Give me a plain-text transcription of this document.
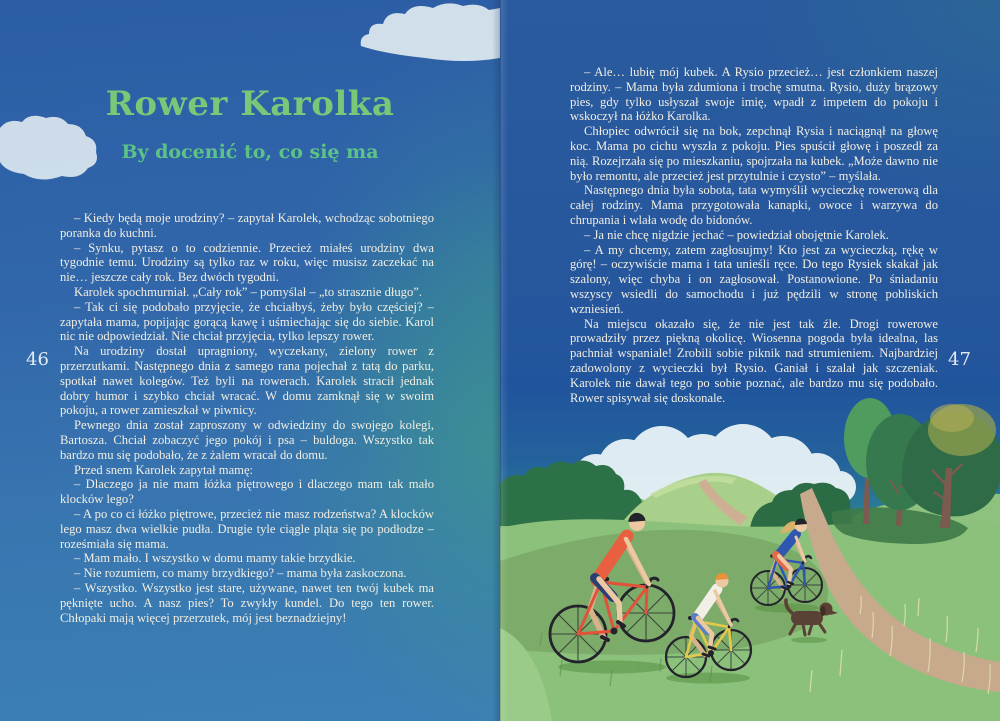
Rower Karolka
By docenić to, co się ma

– Kiedy będą moje urodziny? – zapytał Karolek, wchodząc sobotniego poranka do kuchni.

– Synku, pytasz o to codziennie. Przecież miałeś urodziny dwa tygodnie temu. Urodziny są tylko raz w roku, więc musisz zaczekać na nie… jeszcze cały rok. Bez dwóch tygodni.

Karolek spochmurniał. „Cały rok” – pomyślał – „to strasznie długo”.

– Tak ci się podobało przyjęcie, że chciałbyś, żeby było częściej? – zapytała mama, popijając gorącą kawę i uśmiechając się do siebie. Karol nic nie odpowiedział. Nie chciał przyjęcia, tylko lepszy rower.

Na urodziny dostał upragniony, wyczekany, zielony rower z przerzutkami. Następnego dnia z samego rana pojechał z tatą do parku, spotkał nawet kolegów. Też byli na rowerach. Karolek stracił jednak dobry humor i szybko chciał wracać. W domu zamknął się w swoim pokoju, a rower zamieszkał w piwnicy.

Pewnego dnia został zaproszony w odwiedziny do swojego kolegi, Bartosza. Chciał zobaczyć jego pokój i psa – buldoga. Wszystko tak bardzo mu się podobało, że z żalem wracał do domu.

Przed snem Karolek zapytał mamę:

– Dlaczego ja nie mam łóżka piętrowego i dlaczego mam tak mało klocków lego?

– A po co ci łóżko piętrowe, przecież nie masz rodzeństwa? A klocków lego masz dwa wielkie pudła. Drugie tyle ciągle pląta się po podłodze – roześmiała się mama.

– Mam mało. I wszystko w domu mamy takie brzydkie.

– Nie rozumiem, co mamy brzydkiego? – mama była zaskoczona.

– Wszystko. Wszystko jest stare, używane, nawet ten twój kubek ma pęknięte ucho. A nasz pies? To zwykły kundel. Do tego ten rower. Chłopaki mają więcej przerzutek, mój jest beznadziejny!

46

– Ale… lubię mój kubek. A Rysio przecież… jest członkiem naszej rodziny. – Mama była zdumiona i trochę smutna. Rysio, duży brązowy pies, gdy tylko usłyszał swoje imię, wpadł z impetem do pokoju i wskoczył na łóżko Karolka.

Chłopiec odwrócił się na bok, zepchnął Rysia i naciągnął na głowę koc. Mama po cichu wyszła z pokoju. Pies spuścił głowę i poszedł za nią. Rozejrzała się po mieszkaniu, spojrzała na kubek. „Może dawno nie było remontu, ale przecież jest przytulnie i czysto” – myślała.

Następnego dnia była sobota, tata wymyślił wycieczkę rowerową dla całej rodziny. Mama przygotowała kanapki, owoce i warzywa do chrupania i wlała wodę do bidonów.

– Ja nie chcę nigdzie jechać – powiedział obojętnie Karolek.

– A my chcemy, zatem zagłosujmy! Kto jest za wycieczką, rękę w górę! – oczywiście mama i tata unieśli ręce. Do tego Rysiek skakał jak szalony, więc chyba i on zagłosował. Postanowione. Po śniadaniu wszyscy wsiedli do samochodu i już pędzili w stronę pobliskich wzniesień.

Na miejscu okazało się, że nie jest tak źle. Drogi rowerowe prowadziły przez piękną okolicę. Wiosenna pogoda była idealna, las pachniał wspaniale! Zrobili sobie piknik nad strumieniem. Najbardziej zadowolony z wycieczki był Rysio. Ganiał i szalał jak szczeniak. Karolek nie dawał tego po sobie poznać, ale bardzo mu się podobało. Rower spisywał się doskonale.

47
